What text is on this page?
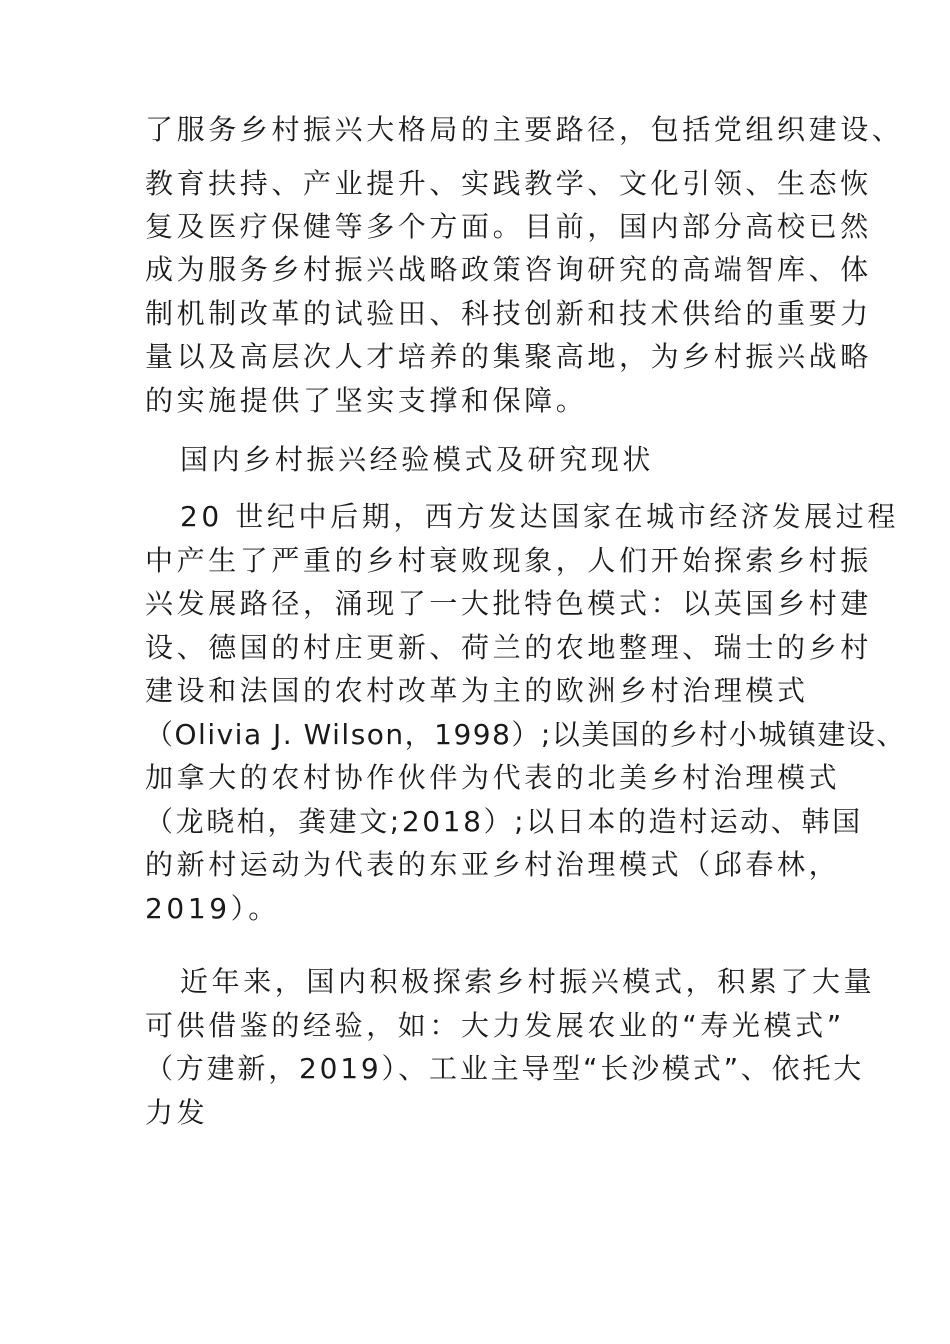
了服务乡村振兴大格局的主要路径，包括党组织建设、
教育扶持、产业提升、实践教学、文化引领、生态恢
复及医疗保健等多个方面。目前，国内部分高校已然
成为服务乡村振兴战略政策咨询研究的高端智库、体
制机制改革的试验田、科技创新和技术供给的重要力
量以及高层次人才培养的集聚高地，为乡村振兴战略
的实施提供了坚实支撑和保障。
国内乡村振兴经验模式及研究现状
20 世纪中后期，西方发达国家在城市经济发展过程
中产生了严重的乡村衰败现象，人们开始探索乡村振
兴发展路径，涌现了一大批特色模式：以英国乡村建
设、德国的村庄更新、荷兰的农地整理、瑞士的乡村
建设和法国的农村改革为主的欧洲乡村治理模式
（Olivia J. Wilson，1998）;以美国的乡村小城镇建设、
加拿大的农村协作伙伴为代表的北美乡村治理模式
（龙晓柏，龚建文;2018）;以日本的造村运动、韩国
的新村运动为代表的东亚乡村治理模式（邱春林，
2019）。
近年来，国内积极探索乡村振兴模式，积累了大量
可供借鉴的经验，如：大力发展农业的“寿光模式”
（方建新，2019）、工业主导型“长沙模式”、依托大
力发
